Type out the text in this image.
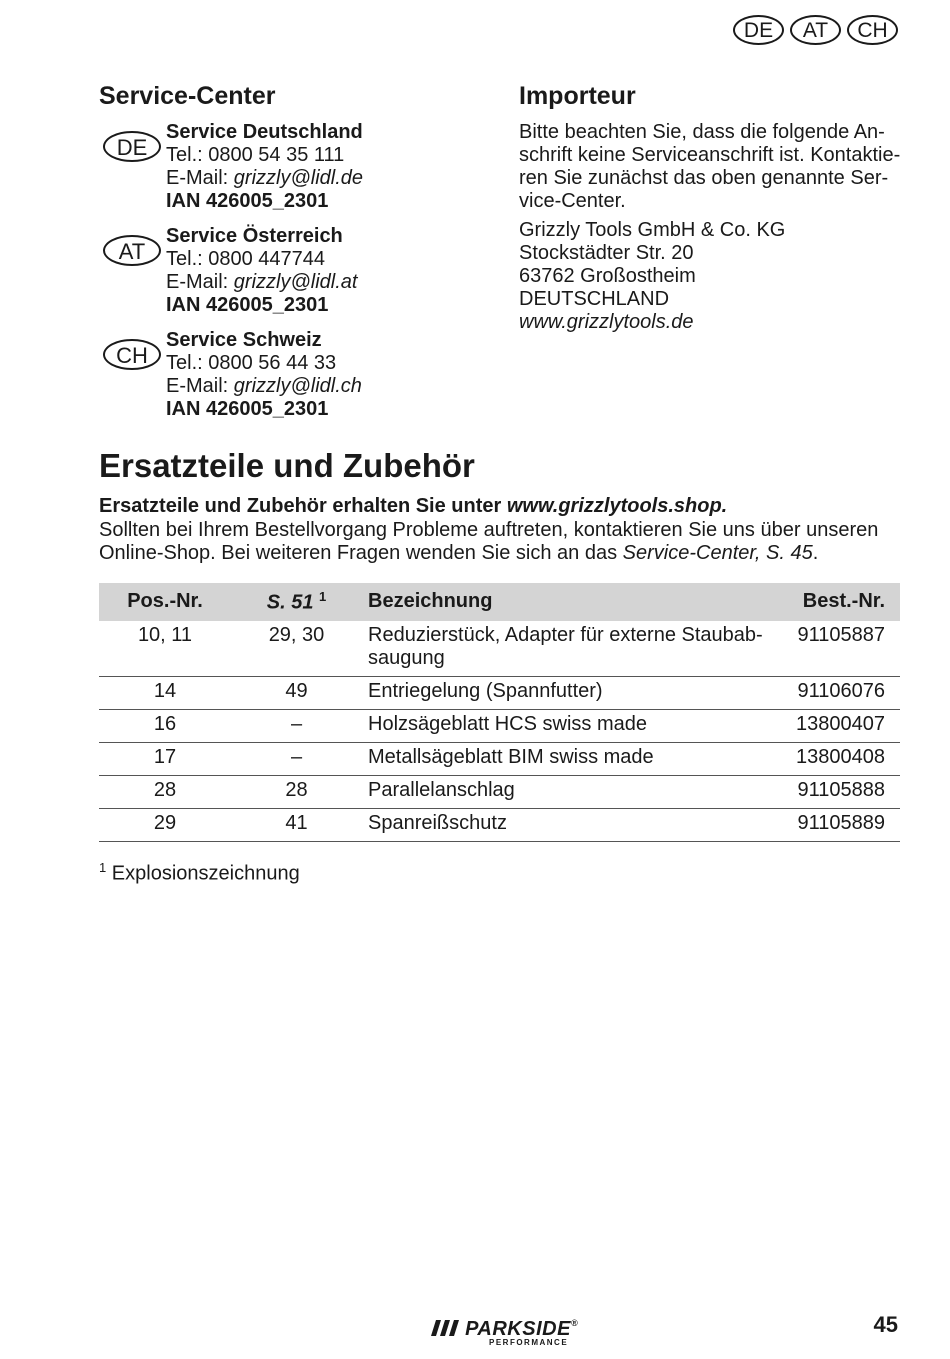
DE	AT	CH
Service-Center
DE
Service Deutschland
Tel.: 0800 54 35 111
E-Mail: grizzly@lidl.de
IAN 426005_2301
AT
Service Österreich
Tel.: 0800 447744
E-Mail: grizzly@lidl.at
IAN 426005_2301
CH
Service Schweiz
Tel.: 0800 56 44 33
E-Mail: grizzly@lidl.ch
IAN 426005_2301
Importeur

Bitte beachten Sie, dass die folgende An-
schrift keine Serviceanschrift ist. Kontaktie-
ren Sie zunächst das oben genannte Ser-
vice-Center.

Grizzly Tools GmbH & Co. KG
Stockstädter Str. 20
63762 Großostheim
DEUTSCHLAND
www.grizzlytools.de
Ersatzteile und Zubehör

Ersatzteile und Zubehör erhalten Sie unter www.grizzlytools.shop.
Sollten bei Ihrem Bestellvorgang Probleme auftreten, kontaktieren Sie uns über unseren
Online-Shop. Bei weiteren Fragen wenden Sie sich an das Service-Center, S. 45.

Pos.-Nr.	S. 51 $^1$	Bezeichnung	Best.-Nr.
10, 11	29, 30	Reduzierstück, Adapter für externe Staubab-
saugung	91105887
14	49	Entriegelung (Spannfutter)	91106076
16	–	Holzsägeblatt HCS swiss made	13800407
17	–	Metallsägeblatt BIM swiss made	13800408
28	28	Parallelanschlag	91105888
29	41	Spanreißschutz	91105889
$^1$ Explosionszeichnung
PARKSIDE®
PERFORMANCE
45
